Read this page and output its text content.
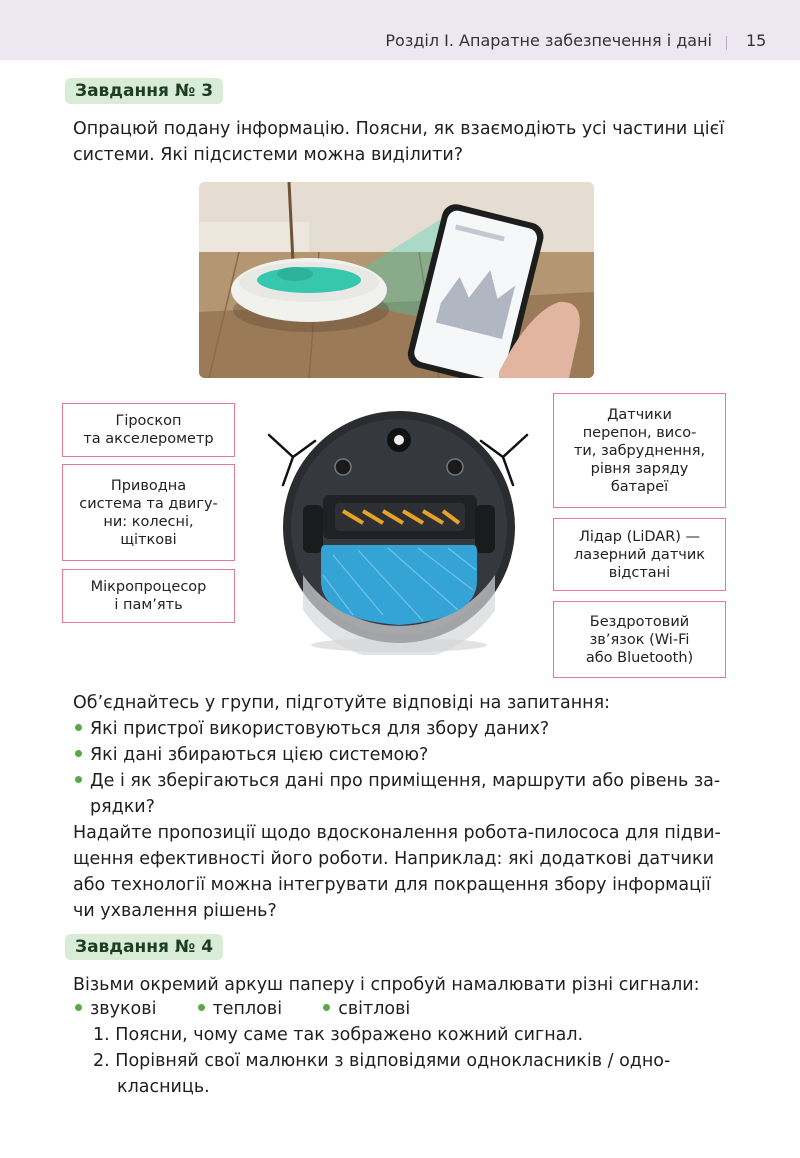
Розділ І. Апаратне забезпечення і дані 15
Завдання № 3
Опрацюй подану інформацію. Поясни, як взаємодіють усі частини цієї
системи. Які підсистеми можна виділити?
Гіроскоп
та акселерометр
Приводна
система та двигу-
ни: колесні,
щіткові
Мікропроцесор
і пам’ять
Датчики
перепон, висо-
ти, забруднення,
рівня заряду
батареї
Лідар (LiDAR) —
лазерний датчик
відстані
Бездротовий
зв’язок (Wi-Fi
або Bluetooth)
Об’єднайтесь у групи, підготуйте відповіді на запитання:
Які пристрої використовуються для збору даних?
Які дані збираються цією системою?
Де і як зберігаються дані про приміщення, маршрути або рівень за-
рядки?
Надайте пропозиції щодо вдосконалення робота-пилососа для підви-
щення ефективності його роботи. Наприклад: які додаткові датчики
або технології можна інтегрувати для покращення збору інформації
чи ухвалення рішень?
Завдання № 4
Візьми окремий аркуш паперу і спробуй намалювати різні сигнали:
звукові	теплові	світлові
1. Поясни, чому саме так зображено кожний сигнал.
2. Порівняй свої малюнки з відповідями однокласників / одно-
класниць.
